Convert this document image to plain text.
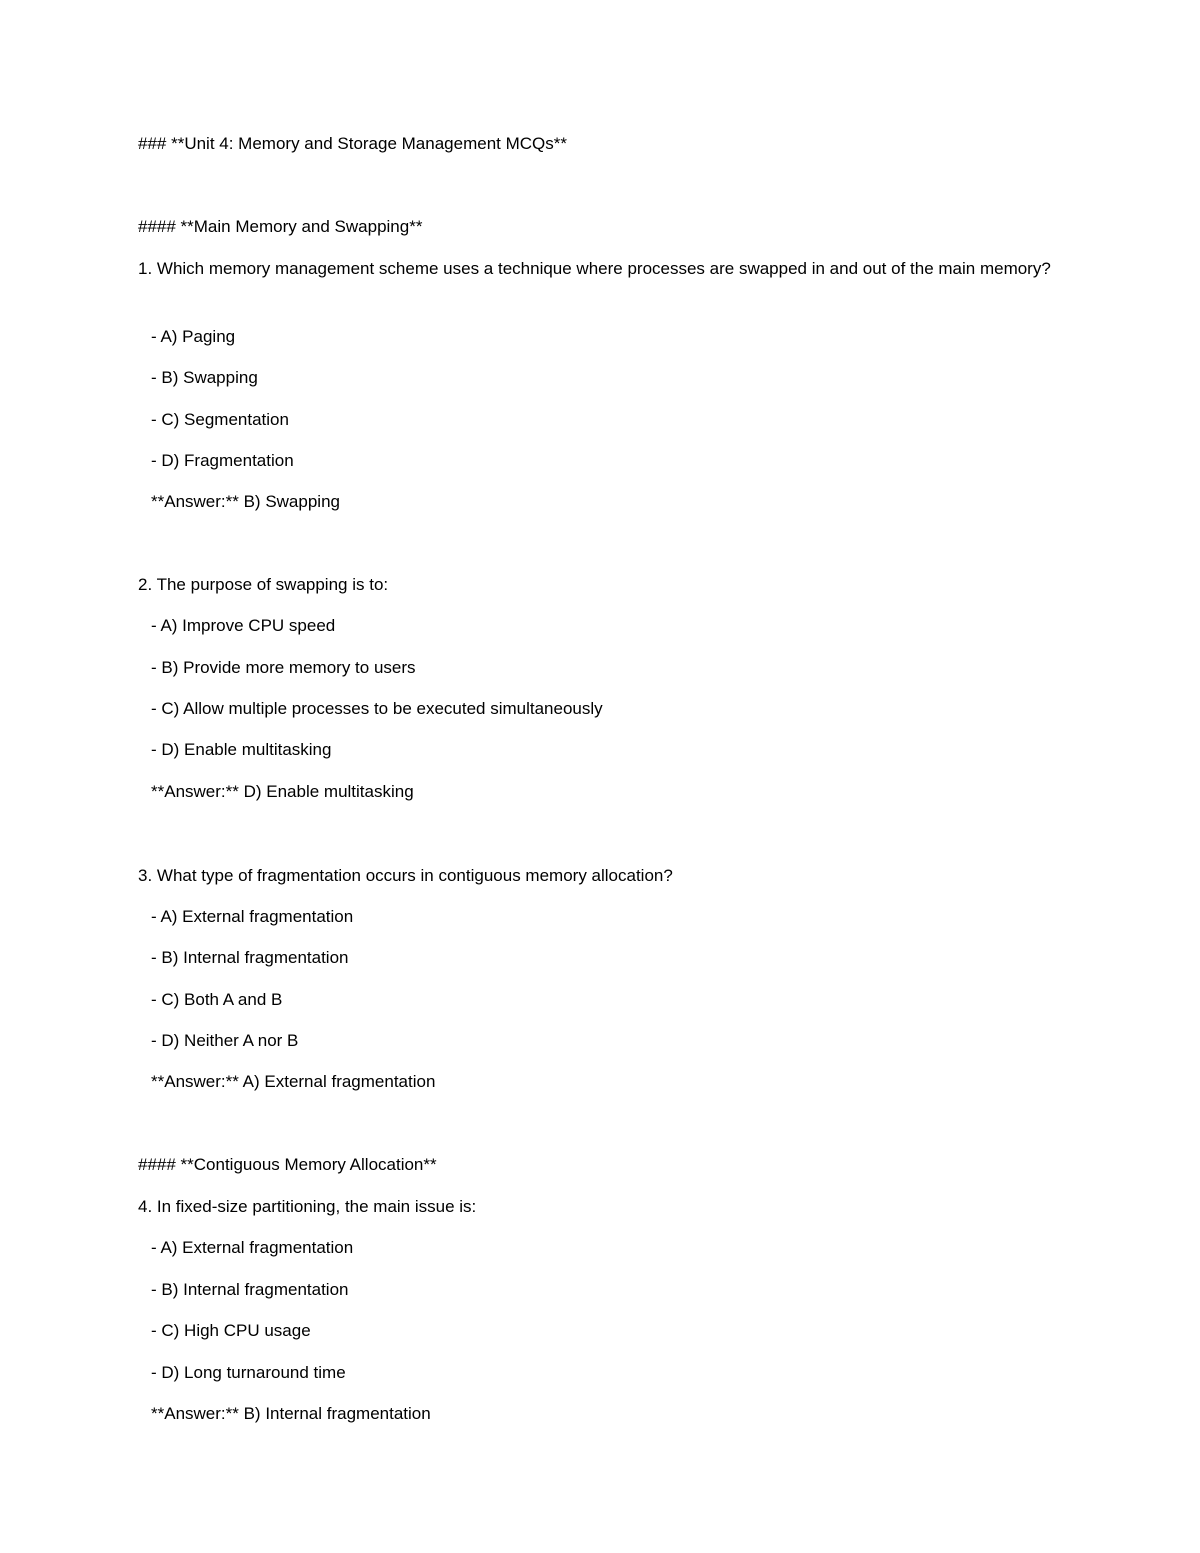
### **Unit 4: Memory and Storage Management MCQs**

#### **Main Memory and Swapping**

1. Which memory management scheme uses a technique where processes are swapped in and out of the main memory?

- A) Paging

- B) Swapping

- C) Segmentation

- D) Fragmentation

**Answer:** B) Swapping

2. The purpose of swapping is to:

- A) Improve CPU speed

- B) Provide more memory to users

- C) Allow multiple processes to be executed simultaneously

- D) Enable multitasking

**Answer:** D) Enable multitasking

3. What type of fragmentation occurs in contiguous memory allocation?

- A) External fragmentation

- B) Internal fragmentation

- C) Both A and B

- D) Neither A nor B

**Answer:** A) External fragmentation

#### **Contiguous Memory Allocation**

4. In fixed-size partitioning, the main issue is:

- A) External fragmentation

- B) Internal fragmentation

- C) High CPU usage

- D) Long turnaround time

**Answer:** B) Internal fragmentation
